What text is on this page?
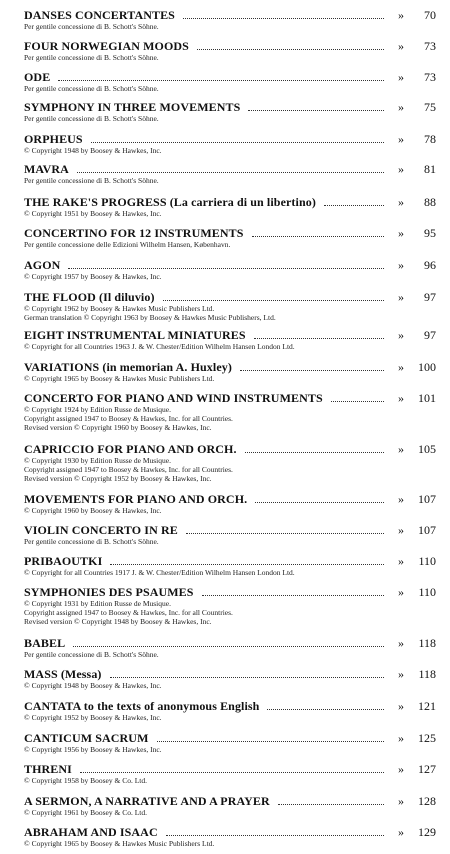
DANSES CONCERTANTES	»	70
Per gentile concessione di B. Schott's Söhne.
FOUR NORWEGIAN MOODS	»	73
Per gentile concessione di B. Schott's Söhne.
ODE	»	73
Per gentile concessione di B. Schott's Söhne.
SYMPHONY IN THREE MOVEMENTS	»	75
Per gentile concessione di B. Schott's Söhne.
ORPHEUS	»	78
© Copyright 1948 by Boosey & Hawkes, Inc.
MAVRA	»	81
Per gentile concessione di B. Schott's Söhne.
THE RAKE'S PROGRESS (La carriera di un libertino)	»	88
© Copyright 1951 by Boosey & Hawkes, Inc.
CONCERTINO FOR 12 INSTRUMENTS	»	95
Per gentile concessione delle Edizioni Wilhelm Hansen, København.
AGON	»	96
© Copyright 1957 by Boosey & Hawkes, Inc.
THE FLOOD (Il diluvio)	»	97
© Copyright 1962 by Boosey & Hawkes Music Publishers Ltd.
German translation © Copyright 1963 by Boosey & Hawkes Music Publishers, Ltd.
EIGHT INSTRUMENTAL MINIATURES	»	97
© Copyright for all Countries 1963 J. & W. Chester/Edition Wilhelm Hansen London Ltd.
VARIATIONS (in memorian A. Huxley)	»	100
© Copyright 1965 by Boosey & Hawkes Music Publishers Ltd.
CONCERTO FOR PIANO AND WIND INSTRUMENTS	»	101
© Copyright 1924 by Edition Russe de Musique.
Copyright assigned 1947 to Boosey & Hawkes, Inc. for all Countries.
Revised version © Copyright 1960 by Boosey & Hawkes, Inc.
CAPRICCIO FOR PIANO AND ORCH.	»	105
© Copyright 1930 by Edition Russe de Musique.
Copyright assigned 1947 to Boosey & Hawkes, Inc. for all Countries.
Revised version © Copyright 1952 by Boosey & Hawkes, Inc.
MOVEMENTS FOR PIANO AND ORCH.	»	107
© Copyright 1960 by Boosey & Hawkes, Inc.
VIOLIN CONCERTO IN RE	»	107
Per gentile concessione di B. Schott's Söhne.
PRIBAOUTKI	»	110
© Copyright for all Countries 1917 J. & W. Chester/Edition Wilhelm Hansen London Ltd.
SYMPHONIES DES PSAUMES	»	110
© Copyright 1931 by Edition Russe de Musique.
Copyright assigned 1947 to Boosey & Hawkes, Inc. for all Countries.
Revised version © Copyright 1948 by Boosey & Hawkes, Inc.
BABEL	»	118
Per gentile concessione di B. Schott's Söhne.
MASS (Messa)	»	118
© Copyright 1948 by Boosey & Hawkes, Inc.
CANTATA to the texts of anonymous English	»	121
© Copyright 1952 by Boosey & Hawkes, Inc.
CANTICUM SACRUM	»	125
© Copyright 1956 by Boosey & Hawkes, Inc.
THRENI	»	127
© Copyright 1958 by Boosey & Co. Ltd.
A SERMON, A NARRATIVE AND A PRAYER	»	128
© Copyright 1961 by Boosey & Co. Ltd.
ABRAHAM AND ISAAC	»	129
© Copyright 1965 by Boosey & Hawkes Music Publishers Ltd.
